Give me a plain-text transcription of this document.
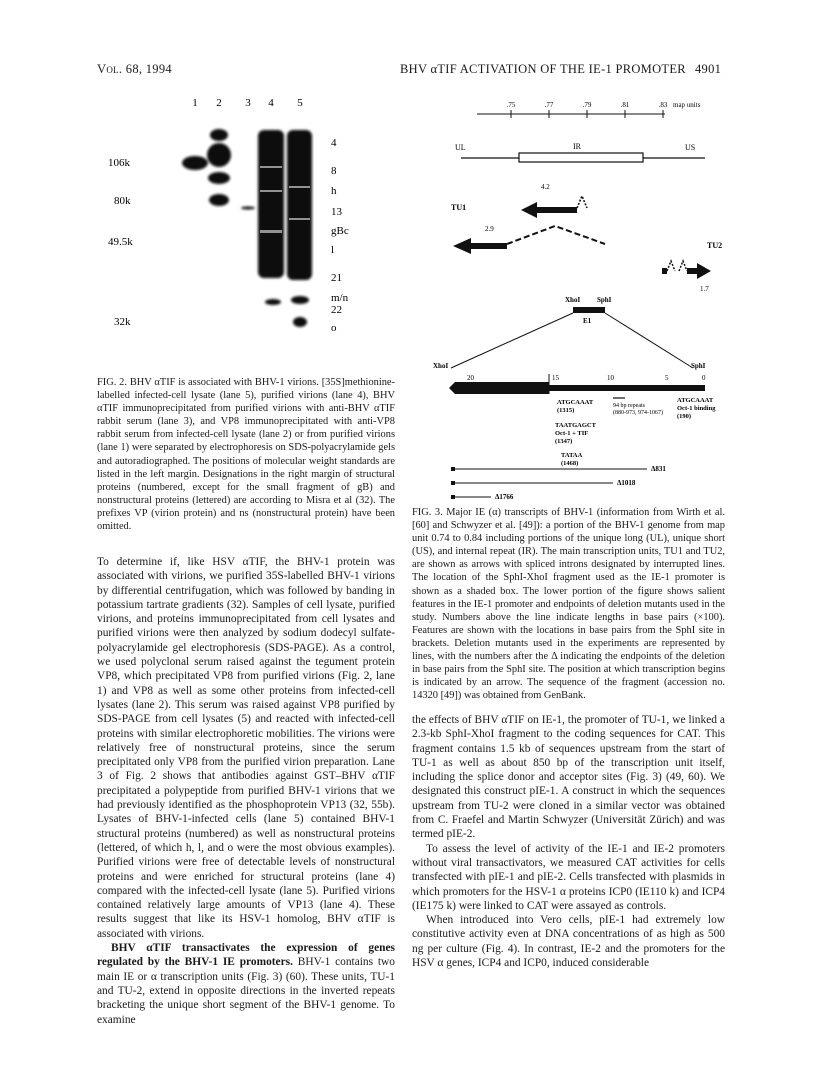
Vol. 68, 1994	BHV αTIF ACTIVATION OF THE IE-1 PROMOTER 4901
1 2 3 4 5
106k
80k
49.5k
32k
4
8
h
13
gBc
l
21
m/n
22
o
.75	.77	.79	.81	.83 map units
UL	IR	US
TU1
4.2
2.9
TU2
1.7
XhoI SphI
E1
XhoI	SphI
20	15	10	5	0
ATGCAAAT Oct-1 binding (190)
94 bp repeats (880-973, 974-1067)
ATGCAAAT (1315)
TAATGAGCT Oct-1 + TIF (1347)
TATAA (1468)
Δ831
Δ1018
Δ1766

FIG. 2. BHV αTIF is associated with BHV-1 virions. [35S]methionine-labelled infected-cell lysate (lane 5), purified virions (lane 4), BHV αTIF immunoprecipitated from purified virions with anti-BHV αTIF rabbit serum (lane 3), and VP8 immunoprecipitated with anti-VP8 rabbit serum from infected-cell lysate (lane 2) or from purified virions (lane 1) were separated by electrophoresis on SDS-polyacrylamide gels and autoradiographed. The positions of molecular weight standards are listed in the left margin. Designations in the right margin of structural proteins (numbered, except for the small fragment of gB) and nonstructural proteins (lettered) are according to Misra et al (32). The prefixes VP (virion protein) and ns (nonstructural protein) have been omitted.

FIG. 3. Major IE (α) transcripts of BHV-1 (information from Wirth et al. [60] and Schwyzer et al. [49]): a portion of the BHV-1 genome from map unit 0.74 to 0.84 including portions of the unique long (UL), unique short (US), and internal repeat (IR). The main transcription units, TU1 and TU2, are shown as arrows with spliced introns designated by interrupted lines. The location of the SphI-XhoI fragment used as the IE-1 promoter is shown as a shaded box. The lower portion of the figure shows salient features in the IE-1 promoter and endpoints of deletion mutants used in the study. Numbers above the line indicate lengths in base pairs (×100). Features are shown with the locations in base pairs from the SphI site in brackets. Deletion mutants used in the experiments are represented by lines, with the numbers after the Δ indicating the endpoints of the deletion in base pairs from the SphI site. The position at which transcription begins is indicated by an arrow. The sequence of the fragment (accession no. 14320 [49]) was obtained from GenBank.

To determine if, like HSV αTIF, the BHV-1 protein was associated with virions, we purified 35S-labelled BHV-1 virions by differential centrifugation, which was followed by banding in potassium tartrate gradients (32). Samples of cell lysate, purified virions, and proteins immunoprecipitated from cell lysates and purified virions were then analyzed by sodium dodecyl sulfate-polyacrylamide gel electrophoresis (SDS-PAGE). As a control, we used polyclonal serum raised against the tegument protein VP8, which precipitated VP8 from purified virions (Fig. 2, lane 1) and VP8 as well as some other proteins from infected-cell lysates (lane 2). This serum was raised against VP8 purified by SDS-PAGE from cell lysates (5) and reacted with infected-cell proteins with similar electrophoretic mobilities. The virions were relatively free of nonstructural proteins, since the serum precipitated only VP8 from the purified virion preparation. Lane 3 of Fig. 2 shows that antibodies against GST–BHV αTIF precipitated a polypeptide from purified BHV-1 virions that we had previously identified as the phosphoprotein VP13 (32, 55b). Lysates of BHV-1-infected cells (lane 5) contained BHV-1 structural proteins (numbered) as well as nonstructural proteins (lettered, of which h, l, and o were the most obvious examples). Purified virions were free of detectable levels of nonstructural proteins and were enriched for structural proteins (lane 4) compared with the infected-cell lysate (lane 5). Purified virions contained relatively large amounts of VP13 (lane 4). These results suggest that like its HSV-1 homolog, BHV αTIF is associated with virions.

BHV αTIF transactivates the expression of genes regulated by the BHV-1 IE promoters. BHV-1 contains two main IE or α transcription units (Fig. 3) (60). These units, TU-1 and TU-2, extend in opposite directions in the inverted repeats bracketing the unique short segment of the BHV-1 genome. To examine

the effects of BHV αTIF on IE-1, the promoter of TU-1, we linked a 2.3-kb SphI-XhoI fragment to the coding sequences for CAT. This fragment contains 1.5 kb of sequences upstream from the start of TU-1 as well as about 850 bp of the transcription unit itself, including the splice donor and acceptor sites (Fig. 3) (49, 60). We designated this construct pIE-1. A construct in which the sequences upstream from TU-2 were cloned in a similar vector was obtained from C. Fraefel and Martin Schwyzer (Universität Zürich) and was termed pIE-2.

To assess the level of activity of the IE-1 and IE-2 promoters without viral transactivators, we measured CAT activities for cells transfected with pIE-1 and pIE-2. Cells transfected with plasmids in which promoters for the HSV-1 α proteins ICP0 (IE110 k) and ICP4 (IE175 k) were linked to CAT were assayed as controls.

When introduced into Vero cells, pIE-1 had extremely low constitutive activity even at DNA concentrations of as high as 500 ng per culture (Fig. 4). In contrast, IE-2 and the promoters for the HSV α genes, ICP4 and ICP0, induced considerable
